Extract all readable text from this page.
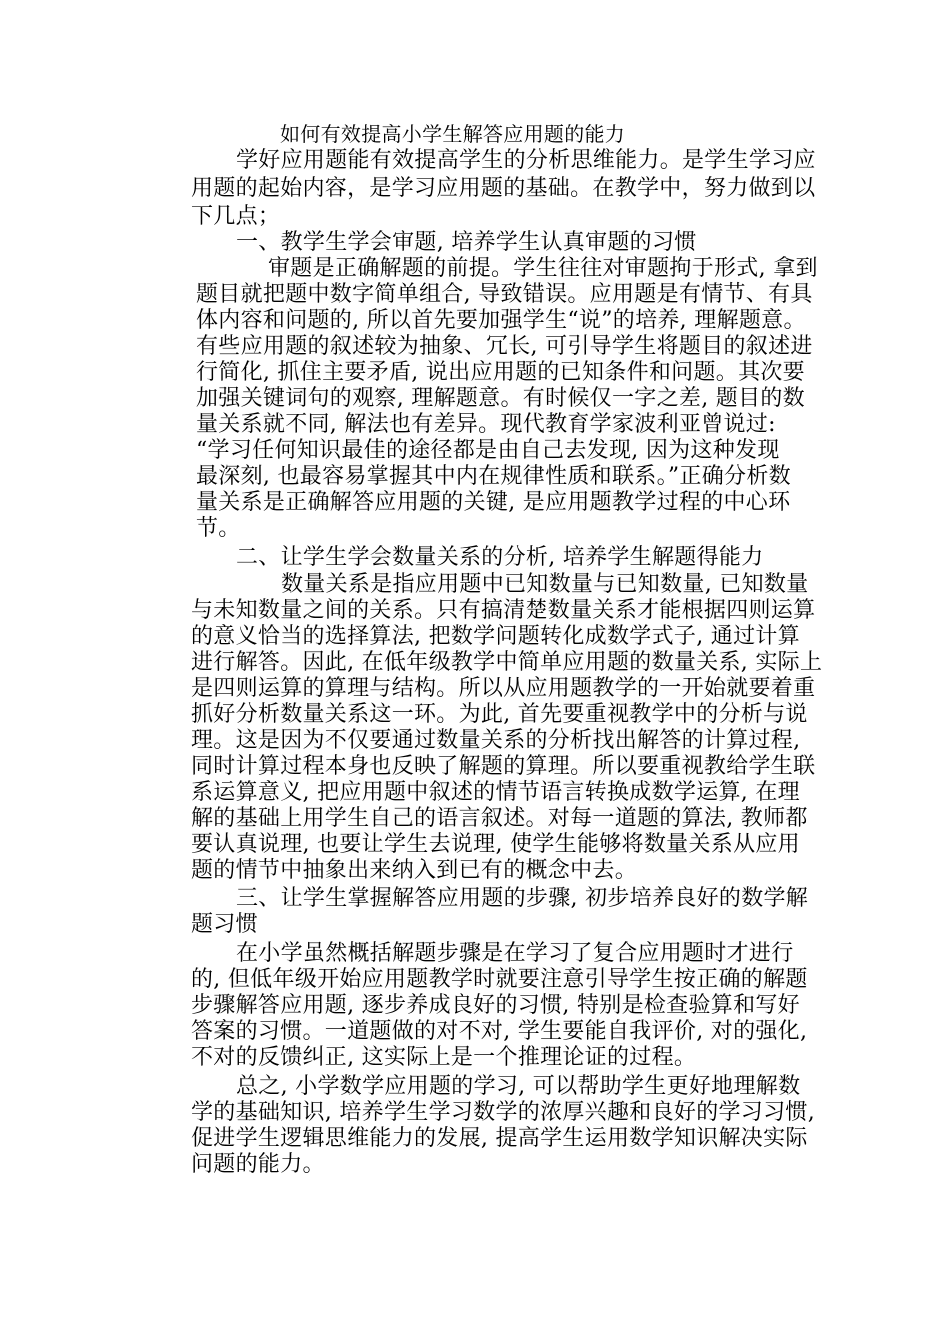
如何有效提高小学生解答应用题的能力
学好应用题能有效提高学生的分析思维能力。是学生学习应
用题的起始内容，是学习应用题的基础。在教学中，努力做到以
下几点；
一、教学生学会审题, 培养学生认真审题的习惯
审题是正确解题的前提。学生往往对审题拘于形式, 拿到
题目就把题中数字简单组合, 导致错误。应用题是有情节、有具
体内容和问题的, 所以首先要加强学生“说”的培养, 理解题意。
有些应用题的叙述较为抽象、冗长, 可引导学生将题目的叙述进
行简化, 抓住主要矛盾, 说出应用题的已知条件和问题。其次要
加强关键词句的观察, 理解题意。有时候仅一字之差, 题目的数
量关系就不同, 解法也有差异。现代教育学家波利亚曾说过:
“学习任何知识最佳的途径都是由自己去发现, 因为这种发现
最深刻, 也最容易掌握其中内在规律性质和联系。”正确分析数
量关系是正确解答应用题的关键, 是应用题教学过程的中心环
节。
二、让学生学会数量关系的分析, 培养学生解题得能力
数量关系是指应用题中已知数量与已知数量, 已知数量
与未知数量之间的关系。只有搞清楚数量关系才能根据四则运算
的意义恰当的选择算法, 把数学问题转化成数学式子, 通过计算
进行解答。因此, 在低年级教学中简单应用题的数量关系, 实际上
是四则运算的算理与结构。所以从应用题教学的一开始就要着重
抓好分析数量关系这一环。为此, 首先要重视教学中的分析与说
理。这是因为不仅要通过数量关系的分析找出解答的计算过程,
同时计算过程本身也反映了解题的算理。所以要重视教给学生联
系运算意义, 把应用题中叙述的情节语言转换成数学运算, 在理
解的基础上用学生自己的语言叙述。对每一道题的算法, 教师都
要认真说理, 也要让学生去说理, 使学生能够将数量关系从应用
题的情节中抽象出来纳入到已有的概念中去。
三、让学生掌握解答应用题的步骤, 初步培养良好的数学解
题习惯
在小学虽然概括解题步骤是在学习了复合应用题时才进行
的, 但低年级开始应用题教学时就要注意引导学生按正确的解题
步骤解答应用题, 逐步养成良好的习惯, 特别是检查验算和写好
答案的习惯。一道题做的对不对, 学生要能自我评价, 对的强化,
不对的反馈纠正, 这实际上是一个推理论证的过程。
总之, 小学数学应用题的学习, 可以帮助学生更好地理解数
学的基础知识, 培养学生学习数学的浓厚兴趣和良好的学习习惯,
促进学生逻辑思维能力的发展, 提高学生运用数学知识解决实际
问题的能力。
